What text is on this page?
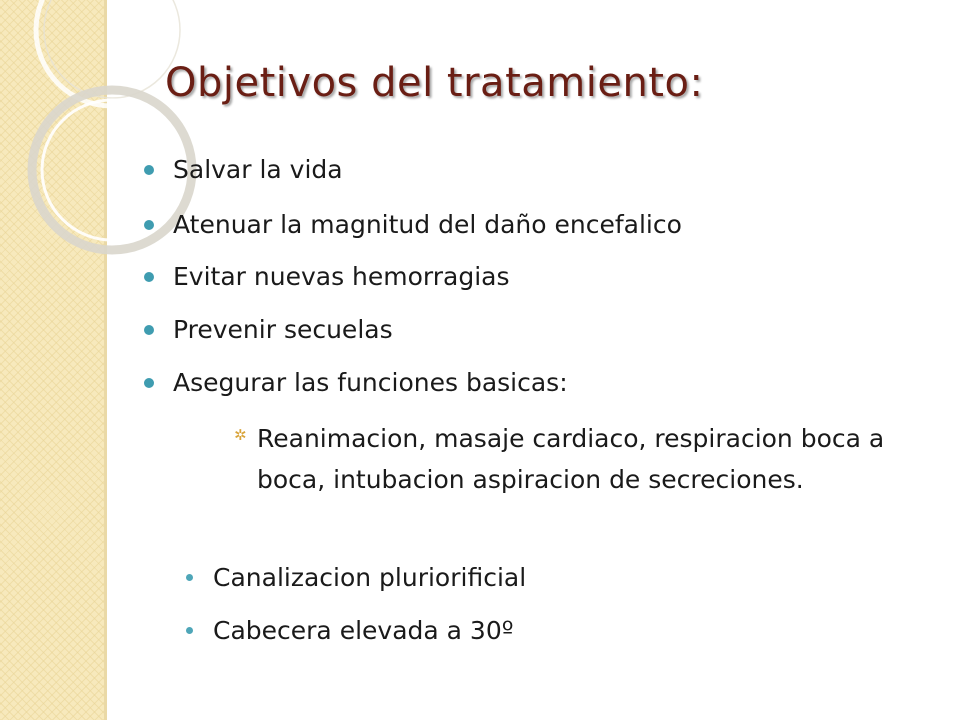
Objetivos del tratamiento:
Salvar la vida
Atenuar la magnitud del daño encefalico
Evitar nuevas hemorragias
Prevenir secuelas
Asegurar las funciones basicas:
✲ Reanimacion, masaje cardiaco, respiracion boca a boca, intubacion aspiracion de secreciones.
Canalizacion pluriorificial
Cabecera elevada a 30º
